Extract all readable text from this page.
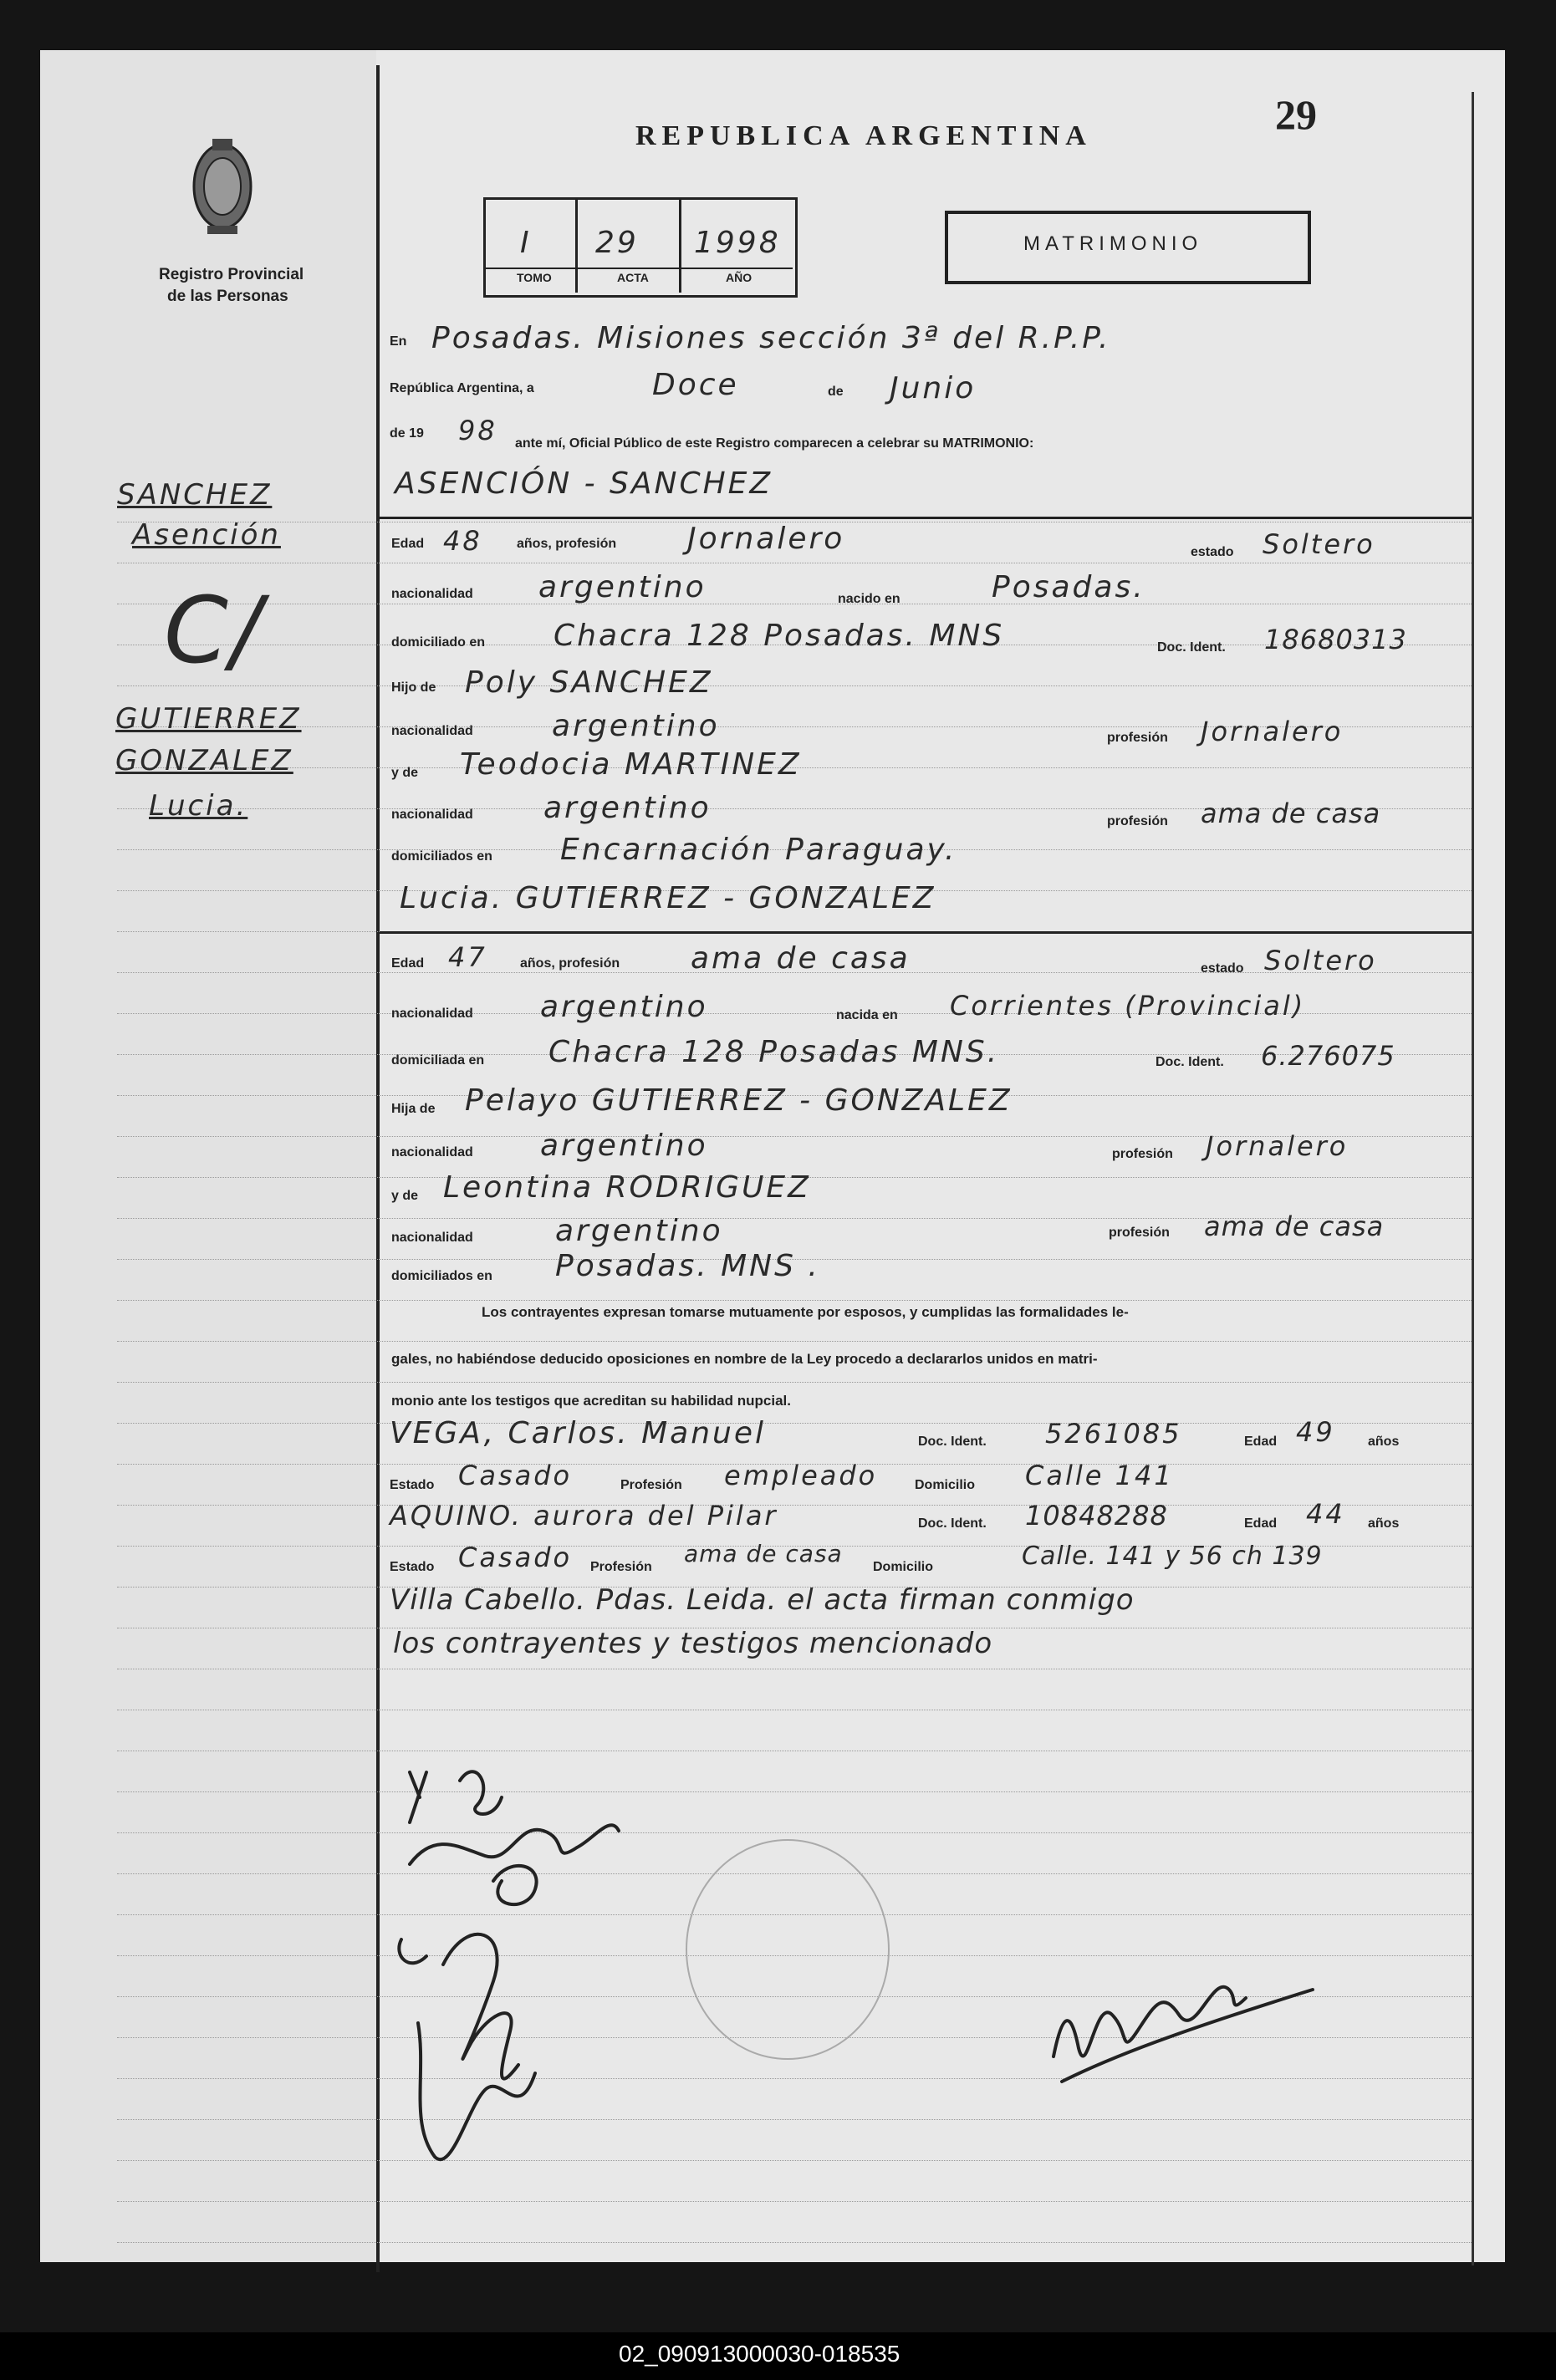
Registro Provincial
de las Personas
REPUBLICA ARGENTINA	29
I 29 1998
TOMO	ACTA	AÑO
MATRIMONIO
En Posadas. Misiones sección 3ª del R.P.P.
República Argentina, a	Doce	de Junio
de 19 98 ante mí, Oficial Público de este Registro comparecen a celebrar su MATRIMONIO:
SANCHEZ
Asención
C/
GUTIERREZ
GONZALEZ
Lucia.
ASENCIÓN - SANCHEZ
Edad 48	años, profesión Jornalero	estado Soltero
nacionalidad argentino	nacido en	Posadas.
domiciliado en Chacra 128 Posadas. MNS	Doc. Ident. 18680313
Hijo de Poly SANCHEZ
nacionalidad	argentino	profesión Jornalero
y de Teodocia MARTINEZ
nacionalidad argentino	profesión ama de casa
domiciliados en Encarnación Paraguay.
Lucia. GUTIERREZ - GONZALEZ
Edad 47 años, profesión ama de casa	estado Soltero
nacionalidad argentino	nacida en Corrientes (Provincial)
domiciliada en Chacra 128 Posadas MNS.	Doc. Ident. 6.276075
Hija de Pelayo GUTIERREZ - GONZALEZ
nacionalidad argentino	profesión Jornalero
y de Leontina RODRIGUEZ
nacionalidad	argentino	profesión ama de casa
domiciliados en Posadas. MNS .
Los contrayentes expresan tomarse mutuamente por esposos, y cumplidas las formalidades le-
gales, no habiéndose deducido oposiciones en nombre de la Ley procedo a declararlos unidos en matri-
monio ante los testigos que acreditan su habilidad nupcial.
VEGA, Carlos. Manuel	Doc. Ident. 5261085	Edad 49 años
Estado Casado	Profesión empleado	Domicilio Calle 141
AQUINO. aurora del Pilar	Doc. Ident. 10848288	Edad 44 años
Estado Casado Profesión ama de casa Domicilio	Calle. 141 y 56 ch 139
Villa Cabello. Pdas. Leida. el acta firman conmigo
los contrayentes y testigos mencionado
02_090913000030-018535
